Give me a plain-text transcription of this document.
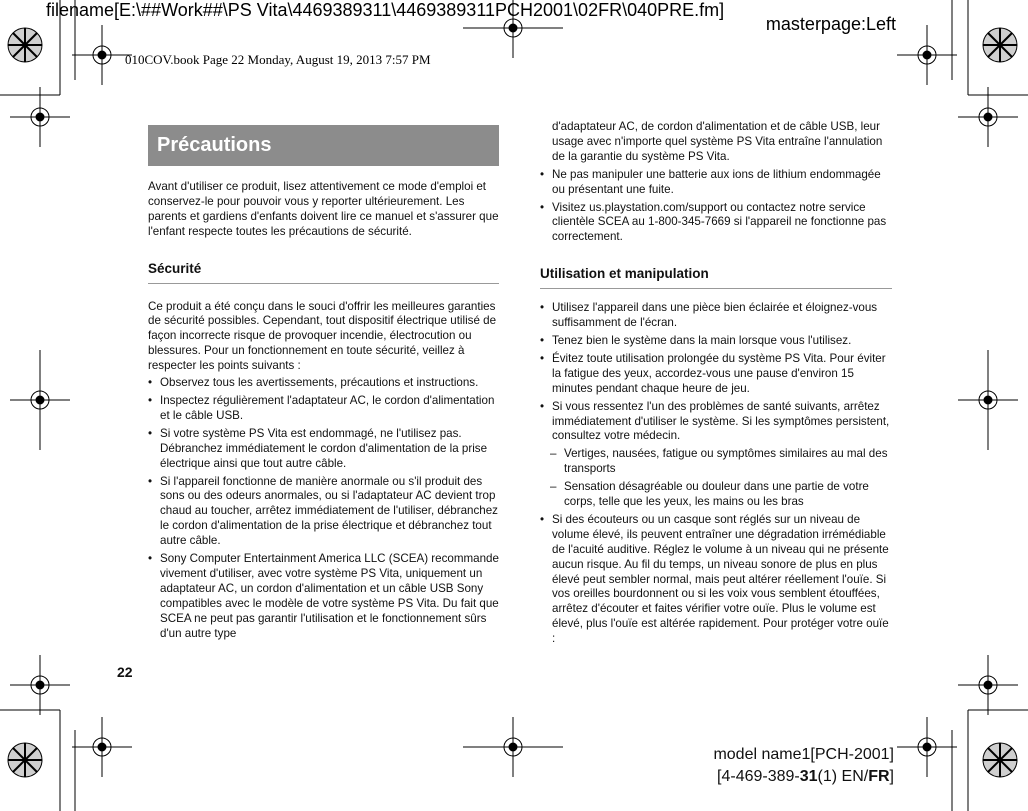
filename[E:\##Work##\PS Vita\4469389311\4469389311PCH2001\02FR\040PRE.fm]
masterpage:Left
010COV.book Page 22 Monday, August 19, 2013 7:57 PM
Précautions

Avant d'utiliser ce produit, lisez attentivement ce mode d'emploi et conservez-le pour pouvoir vous y reporter ultérieurement. Les parents et gardiens d'enfants doivent lire ce manuel et s'assurer que l'enfant respecte toutes les précautions de sécurité.

Sécurité

Ce produit a été conçu dans le souci d'offrir les meilleures garanties de sécurité possibles. Cependant, tout dispositif électrique utilisé de façon incorrecte risque de provoquer incendie, électrocution ou blessures. Pour un fonctionnement en toute sécurité, veillez à respecter les points suivants :

• Observez tous les avertissements, précautions et instructions.
• Inspectez régulièrement l'adaptateur AC, le cordon d'alimentation et le câble USB.
• Si votre système PS Vita est endommagé, ne l'utilisez pas. Débranchez immédiatement le cordon d'alimentation de la prise électrique ainsi que tout autre câble.
• Si l'appareil fonctionne de manière anormale ou s'il produit des sons ou des odeurs anormales, ou si l'adaptateur AC devient trop chaud au toucher, arrêtez immédiatement de l'utiliser, débranchez le cordon d'alimentation de la prise électrique et débranchez tout autre câble.
• Sony Computer Entertainment America LLC (SCEA) recommande vivement d'utiliser, avec votre système PS Vita, uniquement un adaptateur AC, un cordon d'alimentation et un câble USB Sony compatibles avec le modèle de votre système PS Vita. Du fait que SCEA ne peut pas garantir l'utilisation et le fonctionnement sûrs d'un autre type

d'adaptateur AC, de cordon d'alimentation et de câble USB, leur usage avec n'importe quel système PS Vita entraîne l'annulation de la garantie du système PS Vita.

• Ne pas manipuler une batterie aux ions de lithium endommagée ou présentant une fuite.
• Visitez us.playstation.com/support ou contactez notre service clientèle SCEA au 1-800-345-7669 si l'appareil ne fonctionne pas correctement.
Utilisation et manipulation
• Utilisez l'appareil dans une pièce bien éclairée et éloignez-vous suffisamment de l'écran.
• Tenez bien le système dans la main lorsque vous l'utilisez.
• Évitez toute utilisation prolongée du système PS Vita. Pour éviter la fatigue des yeux, accordez-vous une pause d'environ 15 minutes pendant chaque heure de jeu.
• Si vous ressentez l'un des problèmes de santé suivants, arrêtez immédiatement d'utiliser le système. Si les symptômes persistent, consultez votre médecin.
– Vertiges, nausées, fatigue ou symptômes similaires au mal des transports
– Sensation désagréable ou douleur dans une partie de votre corps, telle que les yeux, les mains ou les bras
• Si des écouteurs ou un casque sont réglés sur un niveau de volume élevé, ils peuvent entraîner une dégradation irrémédiable de l'acuité auditive. Réglez le volume à un niveau qui ne présente aucun risque. Au fil du temps, un niveau sonore de plus en plus élevé peut sembler normal, mais peut altérer réellement l'ouïe. Si vos oreilles bourdonnent ou si les voix vous semblent étouffées, arrêtez d'écouter et faites vérifier votre ouïe. Plus le volume est élevé, plus l'ouïe est altérée rapidement. Pour protéger votre ouïe :
22
model name1[PCH-2001]
[4-469-389-31(1) EN/FR]
